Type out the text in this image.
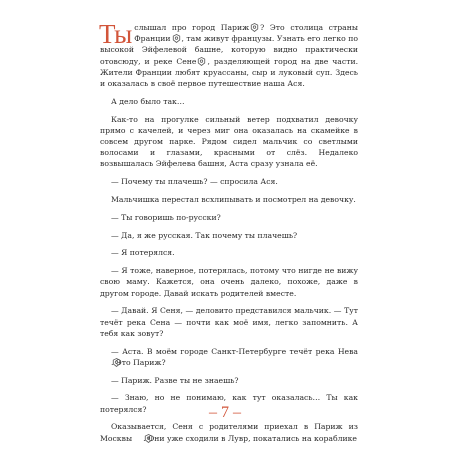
Ты слышал про город Париж ? Это столица страны Франции , там живут французы. Узнать его легко по высокой Эйфелевой башне, которую видно практически отовсюду, и реке Сене , разделяющей город на две части. Жители Франции любят круассаны, сыр и луковый суп. Здесь и оказалась в своё первое путешествие наша Ася.

А дело было так…

Как-то на прогулке сильный ветер подхватил девочку прямо с качелей, и через миг она оказалась на скамейке в совсем другом парке. Рядом сидел мальчик со светлыми волосами и глазами, красными от слёз. Недалеко возвышалась Эйфелева башня, Аста сразу узнала её.

— Почему ты плачешь? — спросила Ася.

Мальчишка перестал всхлипывать и посмотрел на девочку.

— Ты говоришь по-русски?

— Да, я же русская. Так почему ты плачешь?

— Я потерялся.

— Я тоже, наверное, потерялась, потому что нигде не вижу свою маму. Кажется, она очень далеко, похоже, даже в другом городе. Давай искать родителей вместе.

— Давай. Я Сеня, — деловито представился мальчик. — Тут течёт река Сена — почти как моё имя, легко запомнить. А тебя как зовут?

— Аста. В моём городе Санкт-Петербурге течёт река Нева. Это Париж?

— Париж. Разве ты не знаешь?

— Знаю, но не понимаю, как тут оказалась… Ты как потерялся?

Оказывается, Сеня с родителями приехал в Париж из Москвы . Они уже сходили в Лувр, покатались на кораблике

– 7 –
